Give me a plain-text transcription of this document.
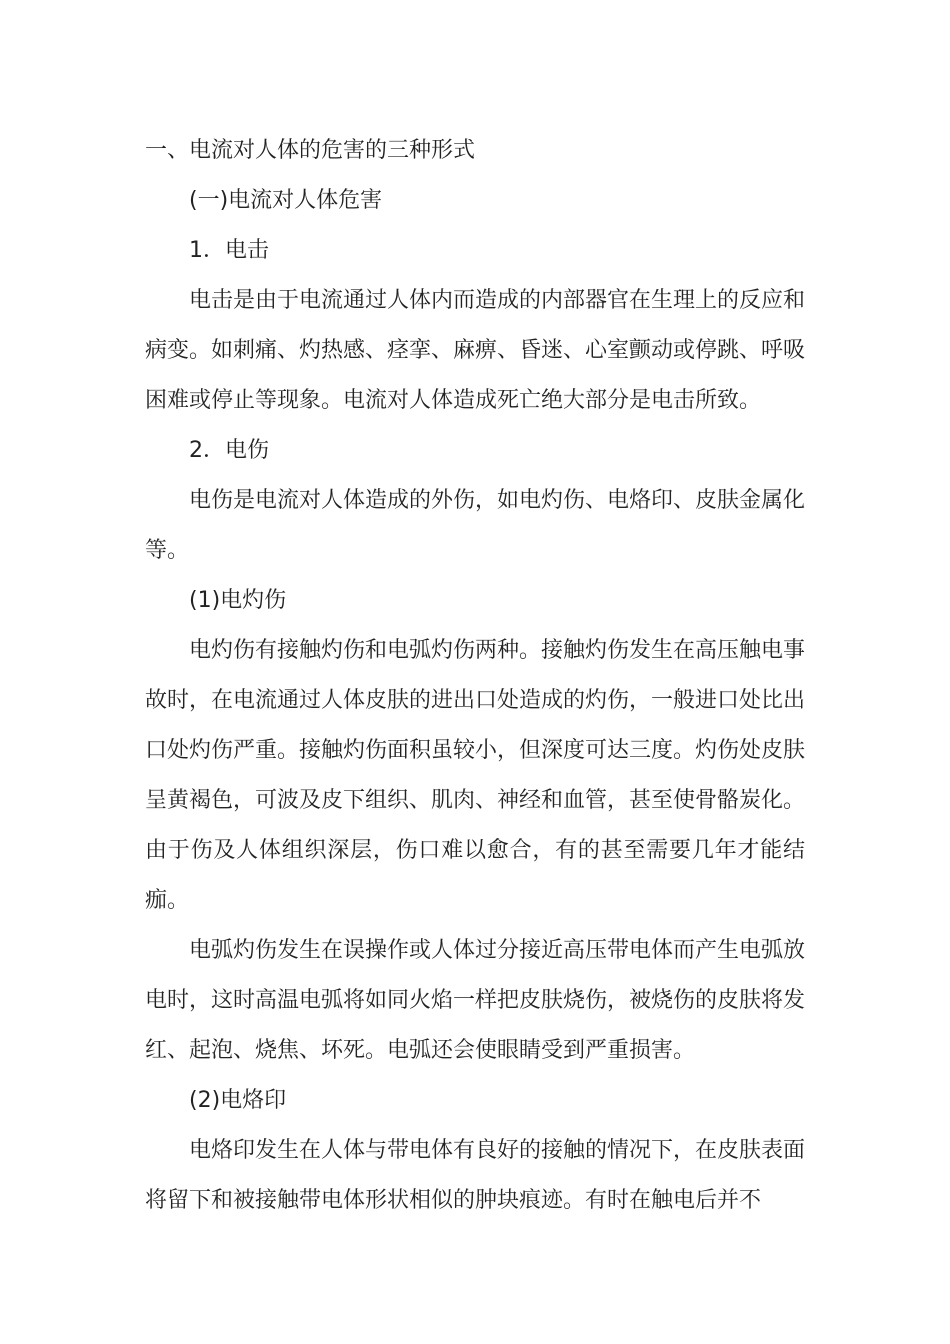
一、电流对人体的危害的三种形式

(一)电流对人体危害

1．电击

电击是由于电流通过人体内而造成的内部器官在生理上的反应和病变。如刺痛、灼热感、痉挛、麻痹、昏迷、心室颤动或停跳、呼吸困难或停止等现象。电流对人体造成死亡绝大部分是电击所致。

2．电伤

电伤是电流对人体造成的外伤，如电灼伤、电烙印、皮肤金属化等。

(1)电灼伤

电灼伤有接触灼伤和电弧灼伤两种。接触灼伤发生在高压触电事故时，在电流通过人体皮肤的进出口处造成的灼伤，一般进口处比出口处灼伤严重。接触灼伤面积虽较小，但深度可达三度。灼伤处皮肤呈黄褐色，可波及皮下组织、肌肉、神经和血管，甚至使骨骼炭化。由于伤及人体组织深层，伤口难以愈合，有的甚至需要几年才能结痂。

电弧灼伤发生在误操作或人体过分接近高压带电体而产生电弧放电时，这时高温电弧将如同火焰一样把皮肤烧伤，被烧伤的皮肤将发红、起泡、烧焦、坏死。电弧还会使眼睛受到严重损害。

(2)电烙印

电烙印发生在人体与带电体有良好的接触的情况下，在皮肤表面将留下和被接触带电体形状相似的肿块痕迹。有时在触电后并不
